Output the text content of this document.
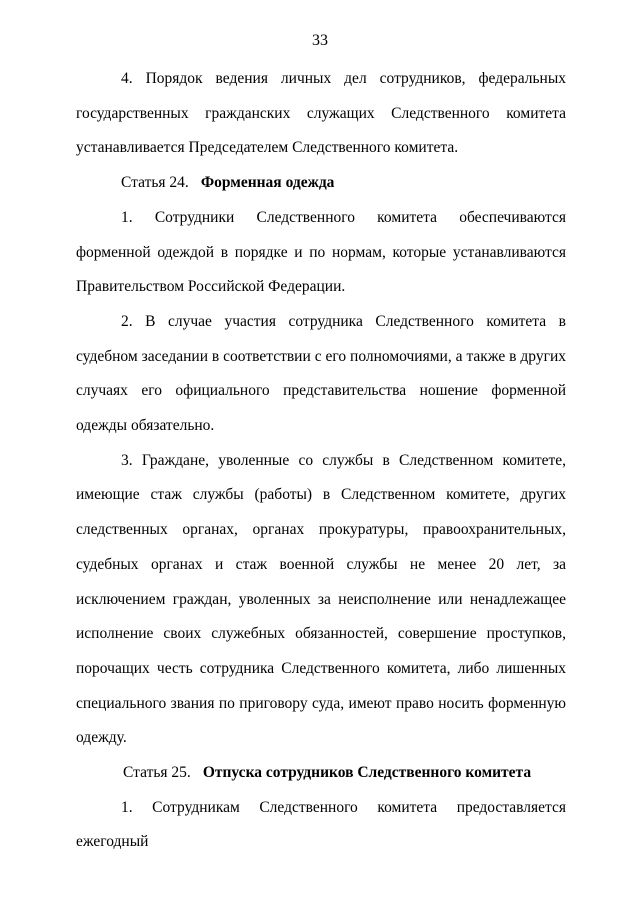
33

4. Порядок ведения личных дел сотрудников, федеральных государственных гражданских служащих Следственного комитета устанавливается Председателем Следственного комитета.

Статья 24. Форменная одежда

1. Сотрудники Следственного комитета обеспечиваются форменной одеждой в порядке и по нормам, которые устанавливаются Правительством Российской Федерации.

2. В случае участия сотрудника Следственного комитета в судебном заседании в соответствии с его полномочиями, а также в других случаях его официального представительства ношение форменной одежды обязательно.

3. Граждане, уволенные со службы в Следственном комитете, имеющие стаж службы (работы) в Следственном комитете, других следственных органах, органах прокуратуры, правоохранительных, судебных органах и стаж военной службы не менее 20 лет, за исключением граждан, уволенных за неисполнение или ненадлежащее исполнение своих служебных обязанностей, совершение проступков, порочащих честь сотрудника Следственного комитета, либо лишенных специального звания по приговору суда, имеют право носить форменную одежду.

Статья 25. Отпуска сотрудников Следственного комитета

1. Сотрудникам Следственного комитета предоставляется ежегодный
